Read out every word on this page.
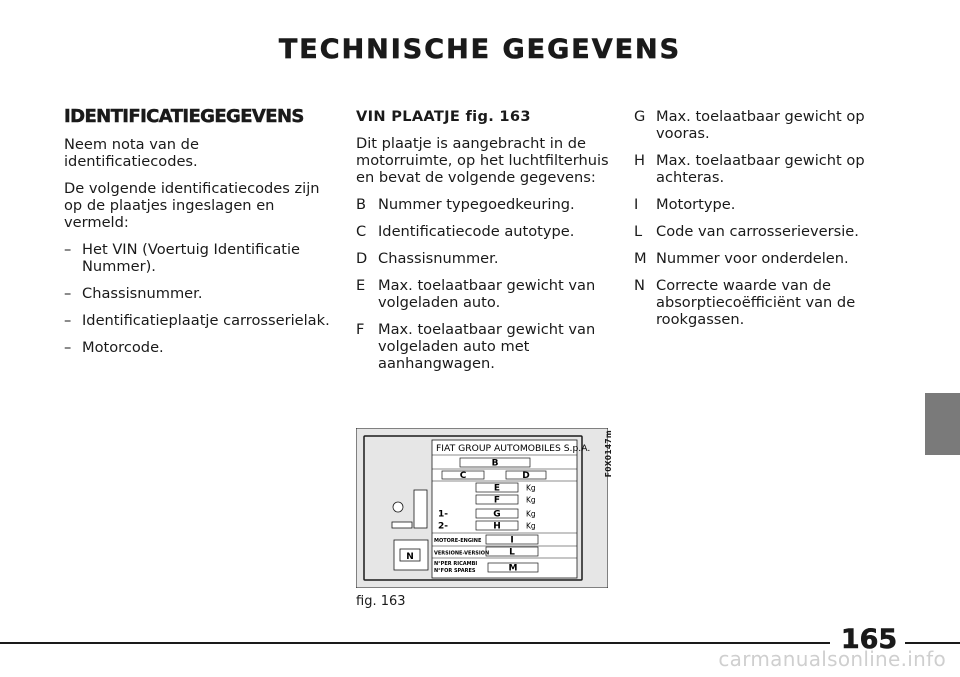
TECHNISCHE GEGEVENS
IDENTIFICATIEGEGEVENS

Neem nota van de identificatiecodes.

De volgende identificatiecodes zijn op de plaatjes ingeslagen en vermeld:

– Het VIN (Voertuig Identificatie Nummer).
– Chassisnummer.
– Identificatieplaatje carrosserielak.
– Motorcode.
VIN PLAATJE fig. 163

Dit plaatje is aangebracht in de motorruimte, op het luchtfilterhuis en bevat de volgende gegevens:

B Nummer typegoedkeuring.
C Identificatiecode autotype.
D Chassisnummer.
E Max. toelaatbaar gewicht van volgeladen auto.
F Max. toelaatbaar gewicht van volgeladen auto met aanhangwagen.
G Max. toelaatbaar gewicht op vooras.
H Max. toelaatbaar gewicht op achteras.
I Motortype.
L Code van carrosserieversie.
M Nummer voor onderdelen.
N Correcte waarde van de absorptiecoëfficiënt van de rookgassen.
N
FIAT GROUP AUTOMOBILES S.p.A.
B
C	D
E	Kg
F	Kg
1-	G	Kg
2-	H	Kg
MOTORE-ENGINE	I
VERSIONE-VERSION L
N°PER RICAMBI
N°FOR SPARES	M
F0X0147m
fig. 163
165
carmanualsonline.info
